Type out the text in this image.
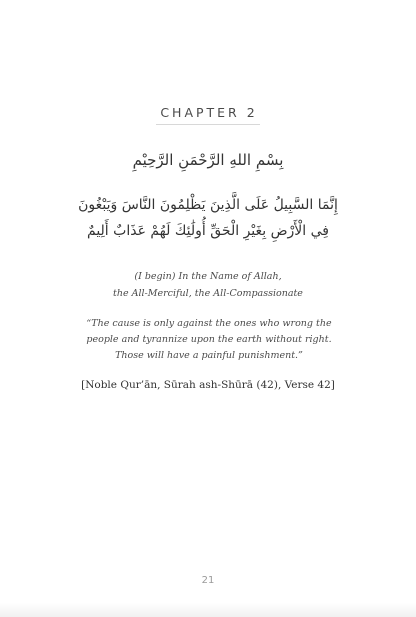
CHAPTER 2
بِسْمِ اللهِ الرَّحْمَنِ الرَّحِيْمِ
إِنَّمَا السَّبِيلُ عَلَى الَّذِينَ يَظْلِمُونَ النَّاسَ وَيَبْغُونَ فِي الْأَرْضِ بِغَيْرِ الْحَقِّ أُولَٰئِكَ لَهُمْ عَذَابٌ أَلِيمٌ
(I begin) In the Name of Allah,
the All-Merciful, the All-Compassionate
“The cause is only against the ones who wrong the people and tyrannize upon the earth without right. Those will have a painful punishment.”
[Noble Qur’ān, Sūrah ash-Shūrā (42), Verse 42]
21
